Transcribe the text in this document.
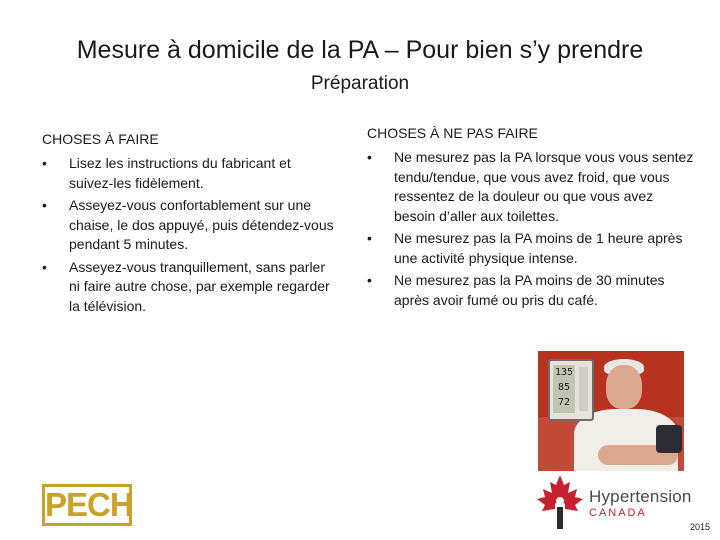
Mesure à domicile de la PA – Pour bien s’y prendre
Préparation
CHOSES À FAIRE
• Lisez les instructions du fabricant et suivez-les fidèlement.
• Asseyez-vous confortablement sur une chaise, le dos appuyé, puis détendez-vous pendant 5 minutes.
• Asseyez-vous tranquillement, sans parler ni faire autre chose, par exemple regarder la télévision.
CHOSES À NE PAS FAIRE
• Ne mesurez pas la PA lorsque vous vous sentez tendu/tendue, que vous avez froid, que vous ressentez de la douleur ou que vous avez besoin d’aller aux toilettes.
• Ne mesurez pas la PA moins de 1 heure après une activité physique intense.
• Ne mesurez pas la PA moins de 30 minutes après avoir fumé ou pris du café.
135
85
72
PECH	Hypertension
CANADA
2015
